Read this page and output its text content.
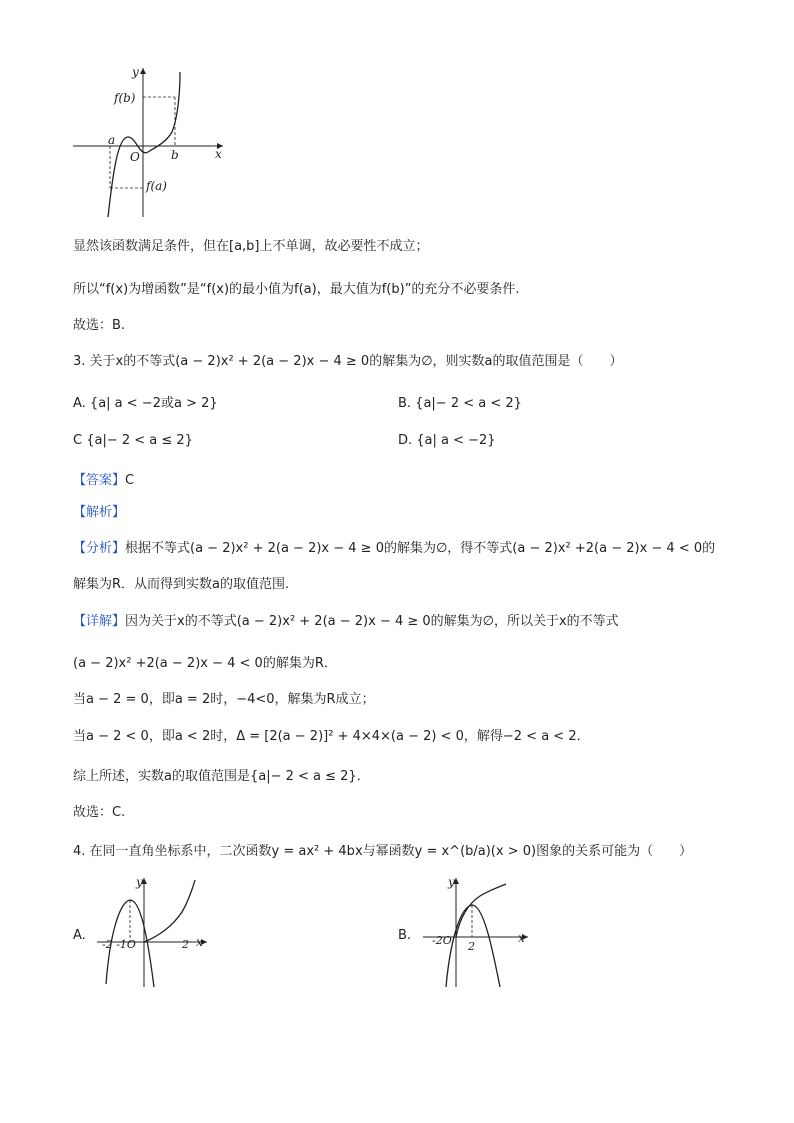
y
x
O
f(b)
f(a)
a
b
显然该函数满足条件，但在[a,b]上不单调，故必要性不成立；
所以“f(x)为增函数”是“f(x)的最小值为f(a)，最大值为f(b)”的充分不必要条件.
故选：B.
3. 关于x的不等式(a − 2)x² + 2(a − 2)x − 4 ≥ 0的解集为∅，则实数a的取值范围是（　　）
A. {a| a < −2或a > 2}	B. {a|− 2 < a < 2}
C {a|− 2 < a ≤ 2}	D. {a| a < −2}
【答案】C
【解析】
【分析】根据不等式(a − 2)x² + 2(a − 2)x − 4 ≥ 0的解集为∅，得不等式(a − 2)x² +2(a − 2)x − 4 < 0的
解集为R．从而得到实数a的取值范围.
【详解】因为关于x的不等式(a − 2)x² + 2(a − 2)x − 4 ≥ 0的解集为∅，所以关于x的不等式
(a − 2)x² +2(a − 2)x − 4 < 0的解集为R．
当a − 2 = 0，即a = 2时，−4<0，解集为R成立；
当a − 2 < 0，即a < 2时，Δ = [2(a − 2)]² + 4×4×(a − 2) < 0，解得−2 < a < 2．
综上所述，实数a的取值范围是{a|− 2 < a ≤ 2}．
故选：C.
4. 在同一直角坐标系中，二次函数y = ax² + 4bx与幂函数y = x^(b/a)(x > 0)图象的关系可能为（　　）
A.
y
x
-2 -1O	2
B.
y
x
-2O 2
